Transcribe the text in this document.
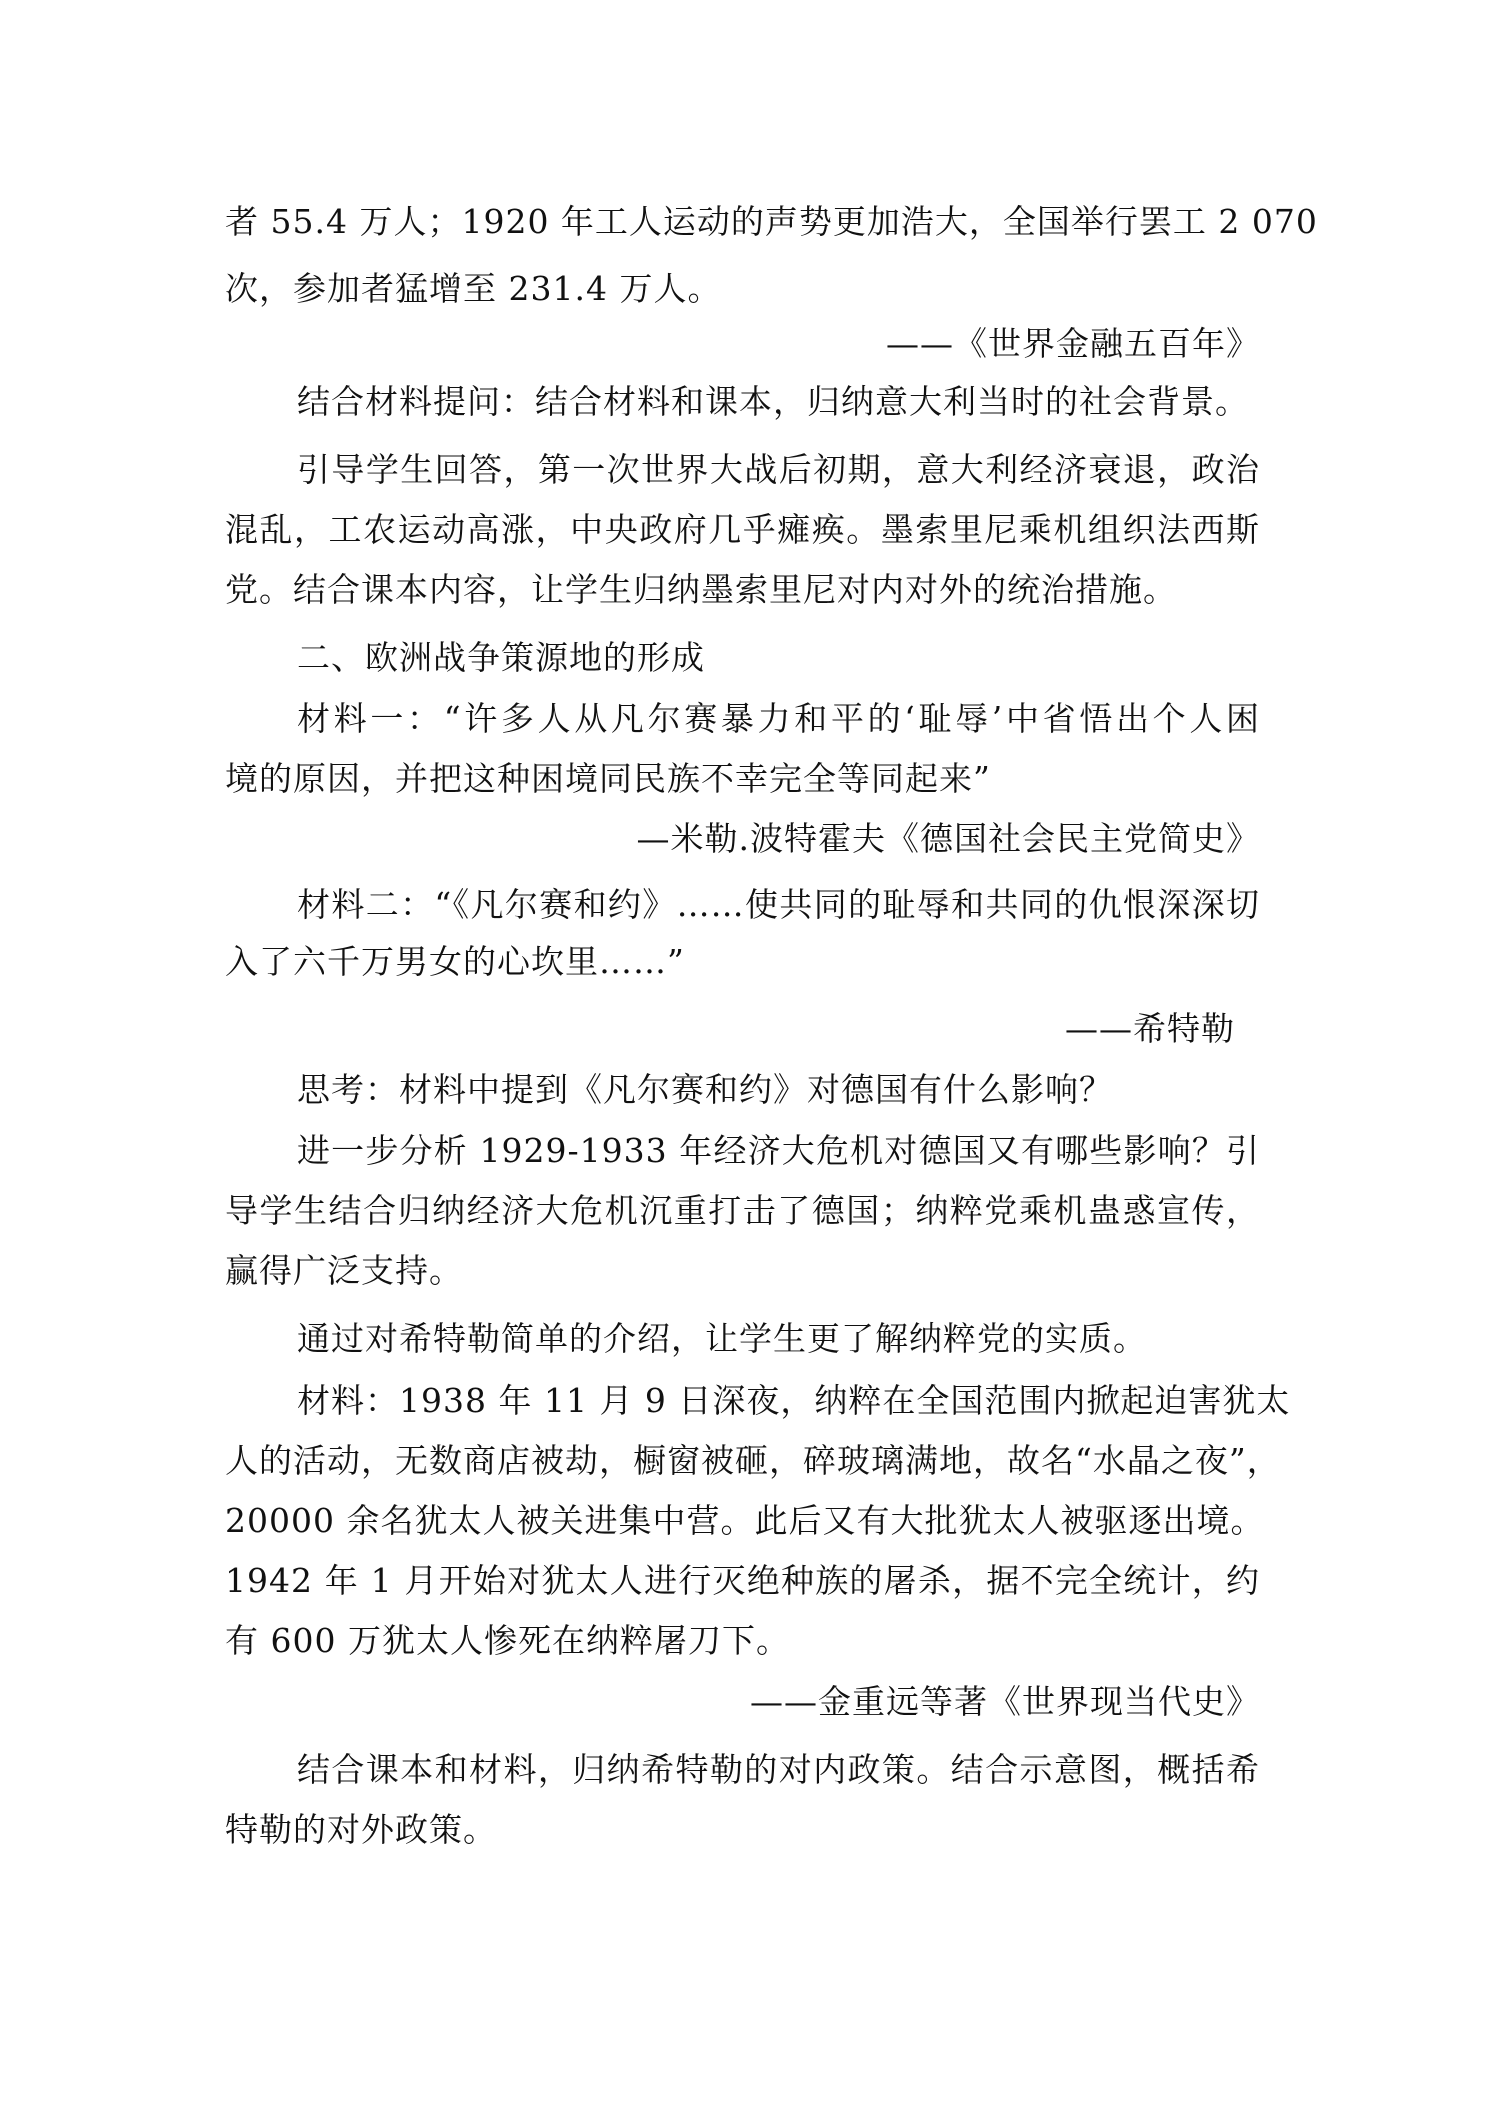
者 55.4 万人；1920 年工人运动的声势更加浩大，全国举行罢工 2 070
次，参加者猛增至 231.4 万人。
——《世界金融五百年》
结合材料提问：结合材料和课本，归纳意大利当时的社会背景。
引导学生回答，第一次世界大战后初期，意大利经济衰退，政治
混乱，工农运动高涨，中央政府几乎瘫痪。墨索里尼乘机组织法西斯
党。结合课本内容，让学生归纳墨索里尼对内对外的统治措施。
二、欧洲战争策源地的形成
材料一：“许多人从凡尔赛暴力和平的‘耻辱’中省悟出个人困
境的原因，并把这种困境同民族不幸完全等同起来”
—米勒.波特霍夫《德国社会民主党简史》
材料二：“《凡尔赛和约》……使共同的耻辱和共同的仇恨深深切
入了六千万男女的心坎里……”
——希特勒
思考：材料中提到《凡尔赛和约》对德国有什么影响？
进一步分析 1929-1933 年经济大危机对德国又有哪些影响？引
导学生结合归纳经济大危机沉重打击了德国；纳粹党乘机蛊惑宣传，
赢得广泛支持。
通过对希特勒简单的介绍，让学生更了解纳粹党的实质。
材料：1938 年 11 月 9 日深夜，纳粹在全国范围内掀起迫害犹太
人的活动，无数商店被劫，橱窗被砸，碎玻璃满地，故名“水晶之夜”，
20000 余名犹太人被关进集中营。此后又有大批犹太人被驱逐出境。
1942 年 1 月开始对犹太人进行灭绝种族的屠杀，据不完全统计，约
有 600 万犹太人惨死在纳粹屠刀下。
——金重远等著《世界现当代史》
结合课本和材料，归纳希特勒的对内政策。结合示意图，概括希
特勒的对外政策。
